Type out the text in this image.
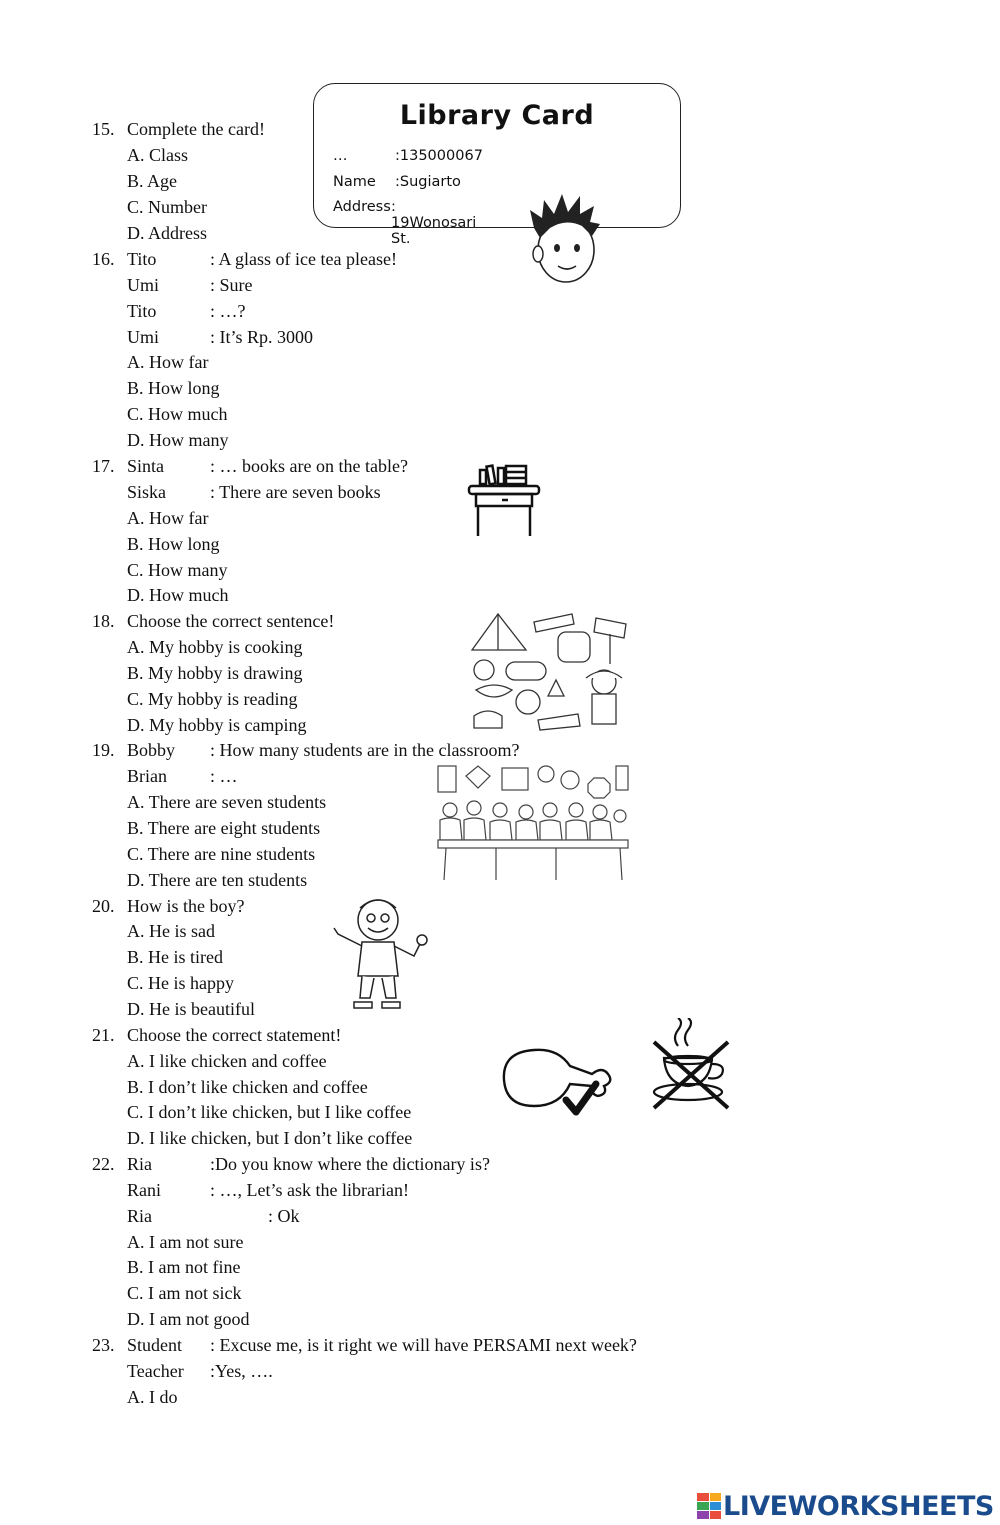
Library Card
…	:135000067
Name :Sugiarto
Address : 19Wonosari St.
15. Complete the card!
A. Class
B. Age
C. Number
D. Address
16. Tito	: A glass of ice tea please!
Umi	: Sure
Tito	: …?
Umi	: It’s Rp. 3000
A. How far
B. How long
C. How much
D. How many
17. Sinta	: … books are on the table?
Siska : There are seven books
A. How far
B. How long
C. How many
D. How much
18. Choose the correct sentence!
A. My hobby is cooking
B. My hobby is drawing
C. My hobby is reading
D. My hobby is camping
19. Bobby : How many students are in the classroom?
Brian : …
A. There are seven students
B. There are eight students
C. There are nine students
D. There are ten students
20. How is the boy?
A. He is sad
B. He is tired
C. He is happy
D. He is beautiful
21. Choose the correct statement!
A. I like chicken and coffee
B. I don’t like chicken and coffee
C. I don’t like chicken, but I like coffee
D. I like chicken, but I don’t like coffee
22. Ria	:Do you know where the dictionary is?
Rani	: …, Let’s ask the librarian!
Ria	: Ok
A. I am not sure
B. I am not fine
C. I am not sick
D. I am not good
23. Student : Excuse me, is it right we will have PERSAMI next week?
Teacher :Yes, ….
A. I do
LIVEWORKSHEETS
